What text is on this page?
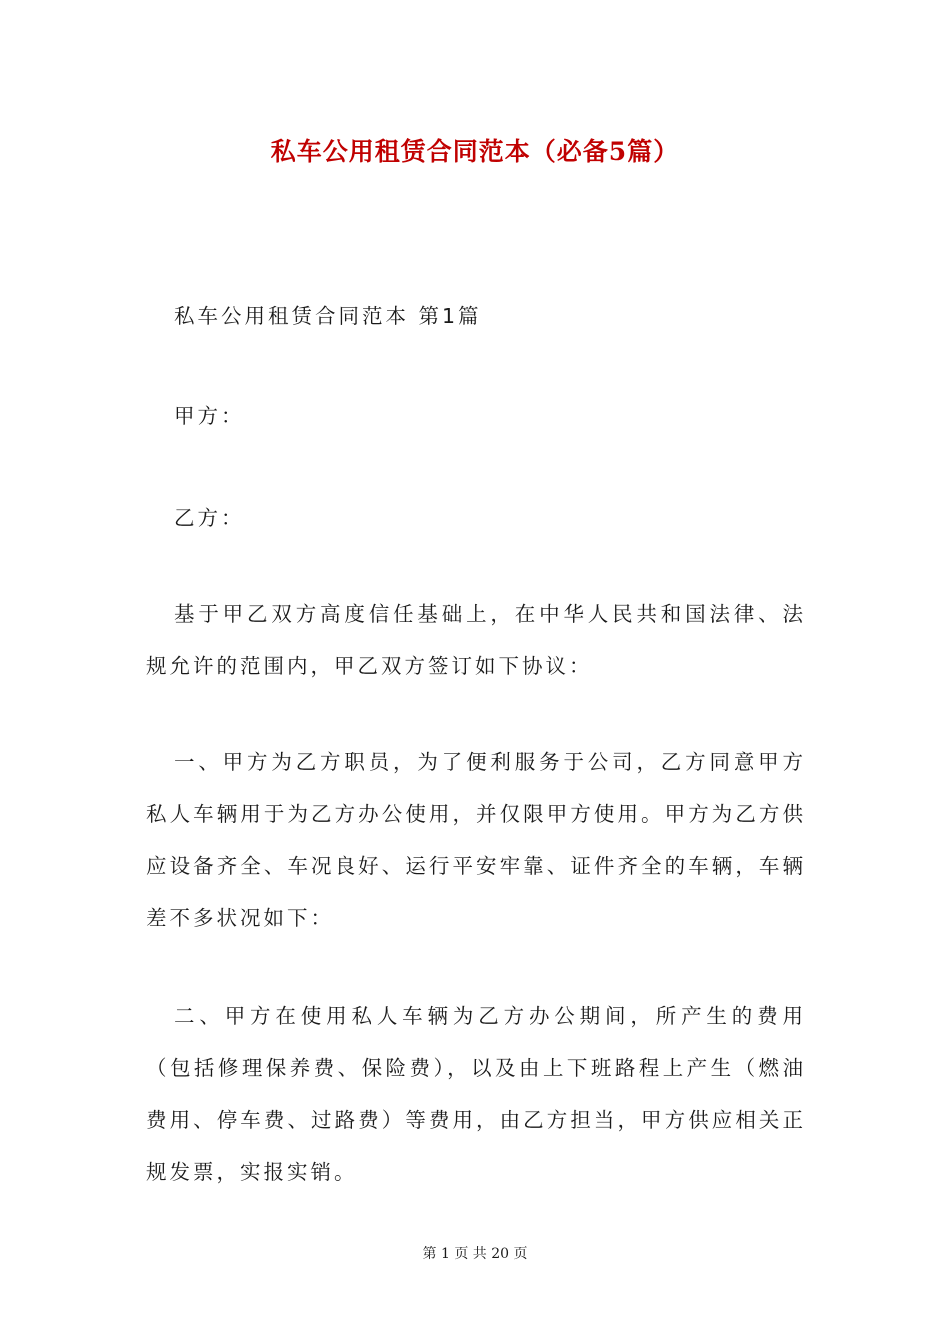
私车公用租赁合同范本（必备5篇）
私车公用租赁合同范本 第1篇
甲方：
乙方：
基于甲乙双方高度信任基础上，在中华人民共和国法律、法规允许的范围内，甲乙双方签订如下协议：
一、甲方为乙方职员，为了便利服务于公司，乙方同意甲方私人车辆用于为乙方办公使用，并仅限甲方使用。甲方为乙方供应设备齐全、车况良好、运行平安牢靠、证件齐全的车辆，车辆差不多状况如下：
二、甲方在使用私人车辆为乙方办公期间，所产生的费用（包括修理保养费、保险费），以及由上下班路程上产生（燃油费用、停车费、过路费）等费用，由乙方担当，甲方供应相关正规发票，实报实销。
第 1 页 共 20 页
